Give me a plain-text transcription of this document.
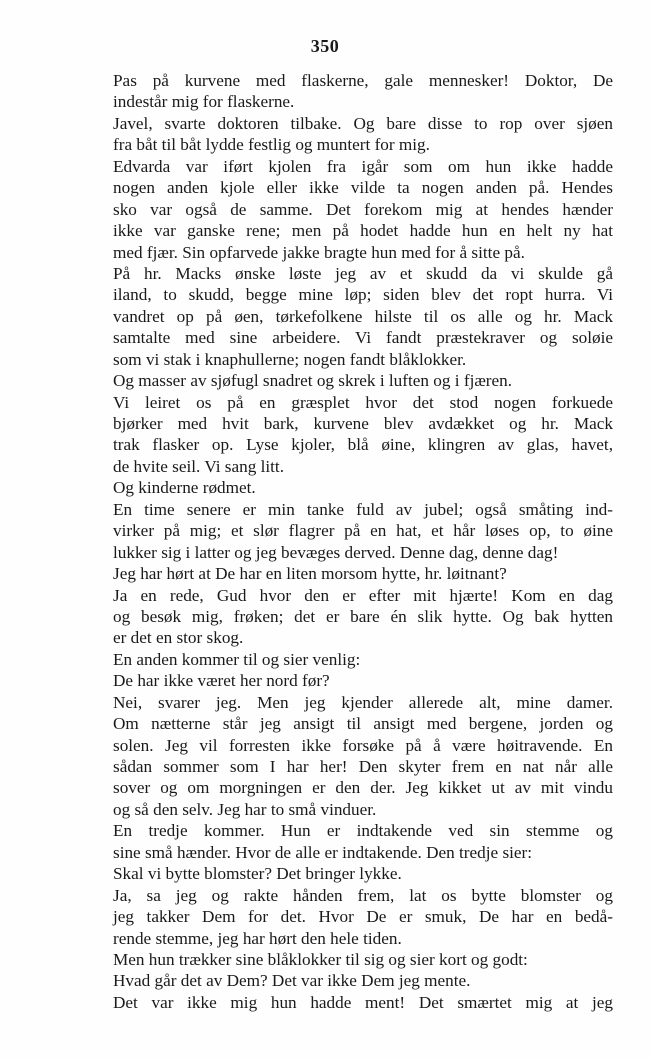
350
Pas på kurvene med flaskerne, gale mennesker! Doktor, De
indestår mig for flaskerne.
Javel, svarte doktoren tilbake. Og bare disse to rop over sjøen
fra båt til båt lydde festlig og muntert for mig.
Edvarda var iført kjolen fra igår som om hun ikke hadde
nogen anden kjole eller ikke vilde ta nogen anden på. Hendes
sko var også de samme. Det forekom mig at hendes hænder
ikke var ganske rene; men på hodet hadde hun en helt ny hat
med fjær. Sin opfarvede jakke bragte hun med for å sitte på.
På hr. Macks ønske løste jeg av et skudd da vi skulde gå
iland, to skudd, begge mine løp; siden blev det ropt hurra. Vi
vandret op på øen, tørkefolkene hilste til os alle og hr. Mack
samtalte med sine arbeidere. Vi fandt præstekraver og soløie
som vi stak i knaphullerne; nogen fandt blåklokker.
Og masser av sjøfugl snadret og skrek i luften og i fjæren.
Vi leiret os på en græsplet hvor det stod nogen forkuede
bjørker med hvit bark, kurvene blev avdækket og hr. Mack
trak flasker op. Lyse kjoler, blå øine, klingren av glas, havet,
de hvite seil. Vi sang litt.
Og kinderne rødmet.
En time senere er min tanke fuld av jubel; også småting ind-
virker på mig; et slør flagrer på en hat, et hår løses op, to øine
lukker sig i latter og jeg bevæges derved. Denne dag, denne dag!
Jeg har hørt at De har en liten morsom hytte, hr. løitnant?
Ja en rede, Gud hvor den er efter mit hjærte! Kom en dag
og besøk mig, frøken; det er bare én slik hytte. Og bak hytten
er det en stor skog.
En anden kommer til og sier venlig:
De har ikke været her nord før?
Nei, svarer jeg. Men jeg kjender allerede alt, mine damer.
Om nætterne står jeg ansigt til ansigt med bergene, jorden og
solen. Jeg vil forresten ikke forsøke på å være høitravende. En
sådan sommer som I har her! Den skyter frem en nat når alle
sover og om morgningen er den der. Jeg kikket ut av mit vindu
og så den selv. Jeg har to små vinduer.
En tredje kommer. Hun er indtakende ved sin stemme og
sine små hænder. Hvor de alle er indtakende. Den tredje sier:
Skal vi bytte blomster? Det bringer lykke.
Ja, sa jeg og rakte hånden frem, lat os bytte blomster og
jeg takker Dem for det. Hvor De er smuk, De har en bedå-
rende stemme, jeg har hørt den hele tiden.
Men hun trækker sine blåklokker til sig og sier kort og godt:
Hvad går det av Dem? Det var ikke Dem jeg mente.
Det var ikke mig hun hadde ment! Det smærtet mig at jeg
